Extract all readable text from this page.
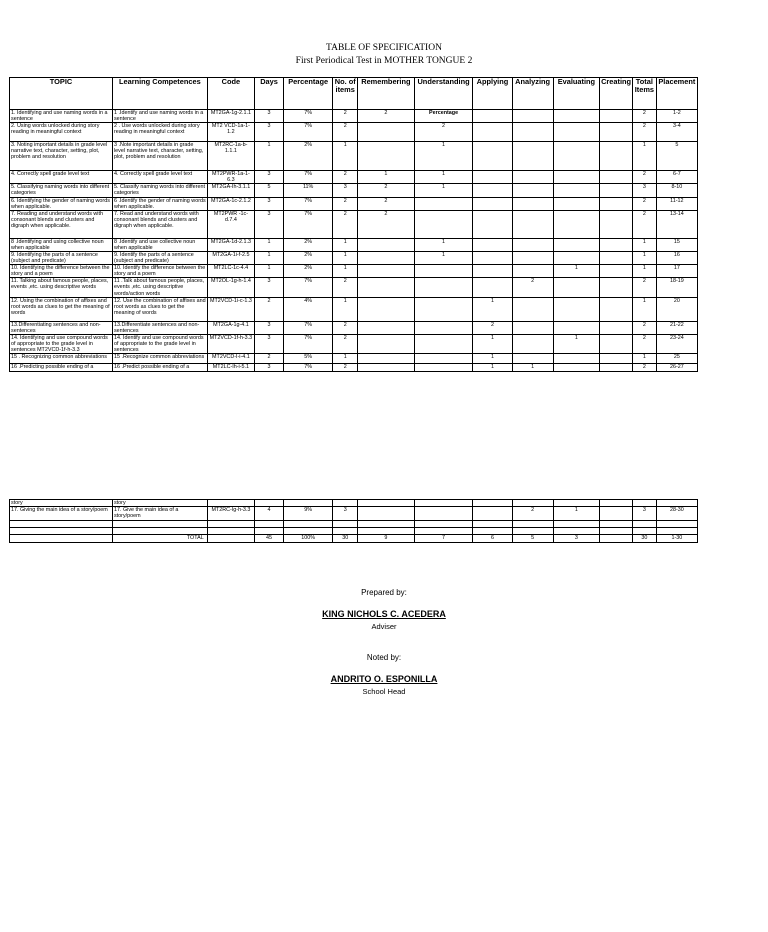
TABLE OF SPECIFICATION
First Periodical Test in MOTHER TONGUE 2
TOPIC	Learning Competences	Code	Days	Percentage	No. of items	Remembering	Understanding	Applying	Analyzing	Evaluating	Creating	Total Items	Placement
1. Identifying and use naming words in a sentence	1 .Identify and use naming words in a sentence	MT2GA-1g-2.1.1	3	7%	2	2	Percentage					2	1-2
2. Using words unlocked during story reading in meaningful context	2 . Use words unlocked during story reading in meaningful context	MT2 VCD-1a-1-1.2	3	7%	2		2					2	3-4
3. Noting important details in grade level narrative text, character, setting, plot, problem and resolution	3 .Note important details in grade level narrative text, character, setting, plot, problem and resolution	MT2RC-1a-b-1.1.1	1	2%	1		1					1	5
4. Correctly spell grade level text	4. Correctly spell grade level text	MT2PWR-1a-1-6.3	3	7%	2	1	1					2	6-7
5. Classifying naming words into different categories	5. Classify naming words into different categories	MT2GA-Ih-3.1.1	5	11%	3	2	1					3	8-10
6. Identifying the gender of naming words when applicable.	6 .Identify the gender of naming words when applicable.	MT2GA-1c-2.1.2	3	7%	2	2						2	11-12
7. Reading and understand words with consonant blends and clusters and digraph when applicable.	7. Read and understand words with consonant blends and clusters and digraph when applicable.	MT2PWR -1c-d.7.4	3	7%	2	2						2	13-14
8 .Identifying and using collective noun when applicable	8 .Identify and use collective noun when applicable	MT2GA-1d-2.1.3	1	2%	1		1					1	15
9. Identifying the parts of a sentence (subject and predicate)	9. Identify the parts of a sentence (subject and predicate)	MT2GA-1i-f-2.5	1	2%	1		1					1	16
10. Identifying the difference between the story and a poem	10. Identify the difference between the story and a poem	MT2LC-1c-4.4	1	2%	1					1		1	17
11. Talking about famous people, places, events ,etc. using descriptive words	11 .Talk about famous people, places, events ,etc. using descriptive words/action words	MT2OL-1g-h-1.4	3	7%	2				2			2	18-19
12. Using the combination of affixes and root words as clues to get the meaning of words	12. Use the combination of affixes and root words as clues to get the meaning of words	MT2VCD-1i-c-1.3	2	4%	1			1				1	20
13.Differentiating sentences and non-sentences	13.Differentiate sentences and non-sentences	MT2GA-1g-4.1	3	7%	2			2				2	21-22
14. Identifying and use compound words of appropriate to the grade level in sentences MT2VCD-1f-h-3.3	14. Identify and use compound words of appropriate to the grade level in sentences	MT2VCD-1f-h-3.3	3	7%	2			1		1		2	23-24
15 . Recognizing common abbreviations	15 .Recognize common abbreviations	MT2VCD-I-i-4.1	2	5%	1			1				1	25
16 .Predicting possible ending of a	16 .Predict possible ending of a	MT2LC-Ih-i-5.1	3	7%	2			1	1			2	26-27
story	story												
17. Giving the main idea of a story/poem	17. Give the main idea of a story/poem	MT2RC-Ig-h-3.3	4	9%	3				2	1		3	28-30

	TOTAL		45	100%	30	9	7	6	5	3		30	1-30
Prepared by:
KING NICHOLS C. ACEDERA
Adviser
Noted by:
ANDRITO O. ESPONILLA
School Head
